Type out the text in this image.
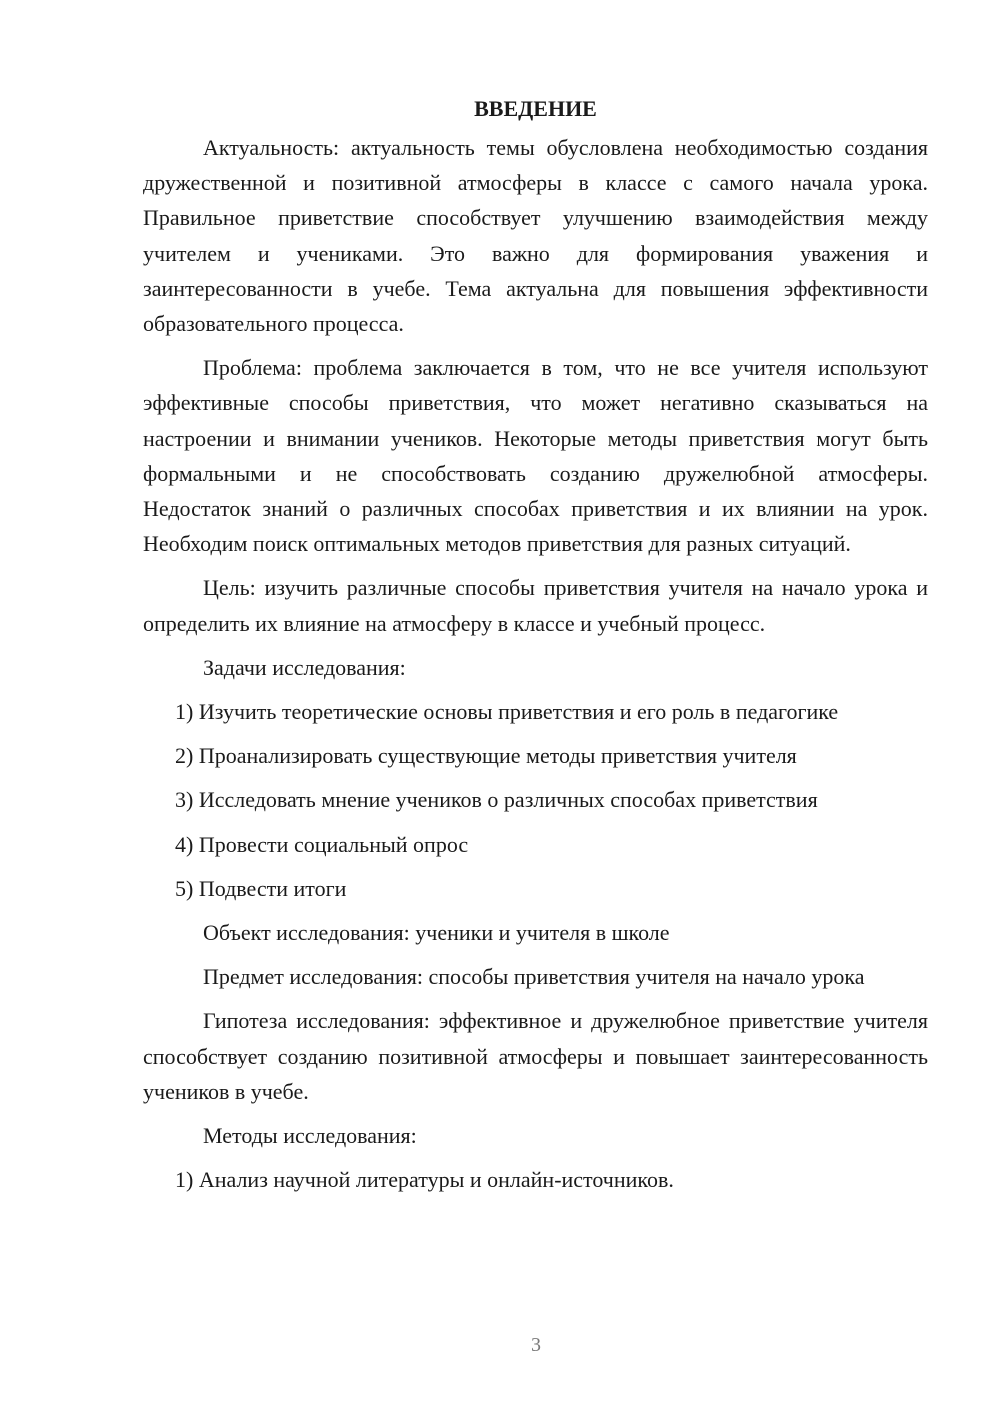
ВВЕДЕНИЕ

Актуальность: актуальность темы обусловлена необходимостью создания дружественной и позитивной атмосферы в классе с самого начала урока. Правильное приветствие способствует улучшению взаимодействия между учителем и учениками. Это важно для формирования уважения и заинтересованности в учебе. Тема актуальна для повышения эффективности образовательного процесса.

Проблема: проблема заключается в том, что не все учителя используют эффективные способы приветствия, что может негативно сказываться на настроении и внимании учеников. Некоторые методы приветствия могут быть формальными и не способствовать созданию дружелюбной атмосферы. Недостаток знаний о различных способах приветствия и их влиянии на урок. Необходим поиск оптимальных методов приветствия для разных ситуаций.

Цель: изучить различные способы приветствия учителя на начало урока и определить их влияние на атмосферу в классе и учебный процесс.

Задачи исследования:
1) Изучить теоретические основы приветствия и его роль в педагогике
2) Проанализировать существующие методы приветствия учителя
3) Исследовать мнение учеников о различных способах приветствия
4) Провести социальный опрос
5) Подвести итоги

Объект исследования: ученики и учителя в школе

Предмет исследования: способы приветствия учителя на начало урока

Гипотеза исследования: эффективное и дружелюбное приветствие учителя способствует созданию позитивной атмосферы и повышает заинтересованность учеников в учебе.

Методы исследования:
1) Анализ научной литературы и онлайн-источников.
3
